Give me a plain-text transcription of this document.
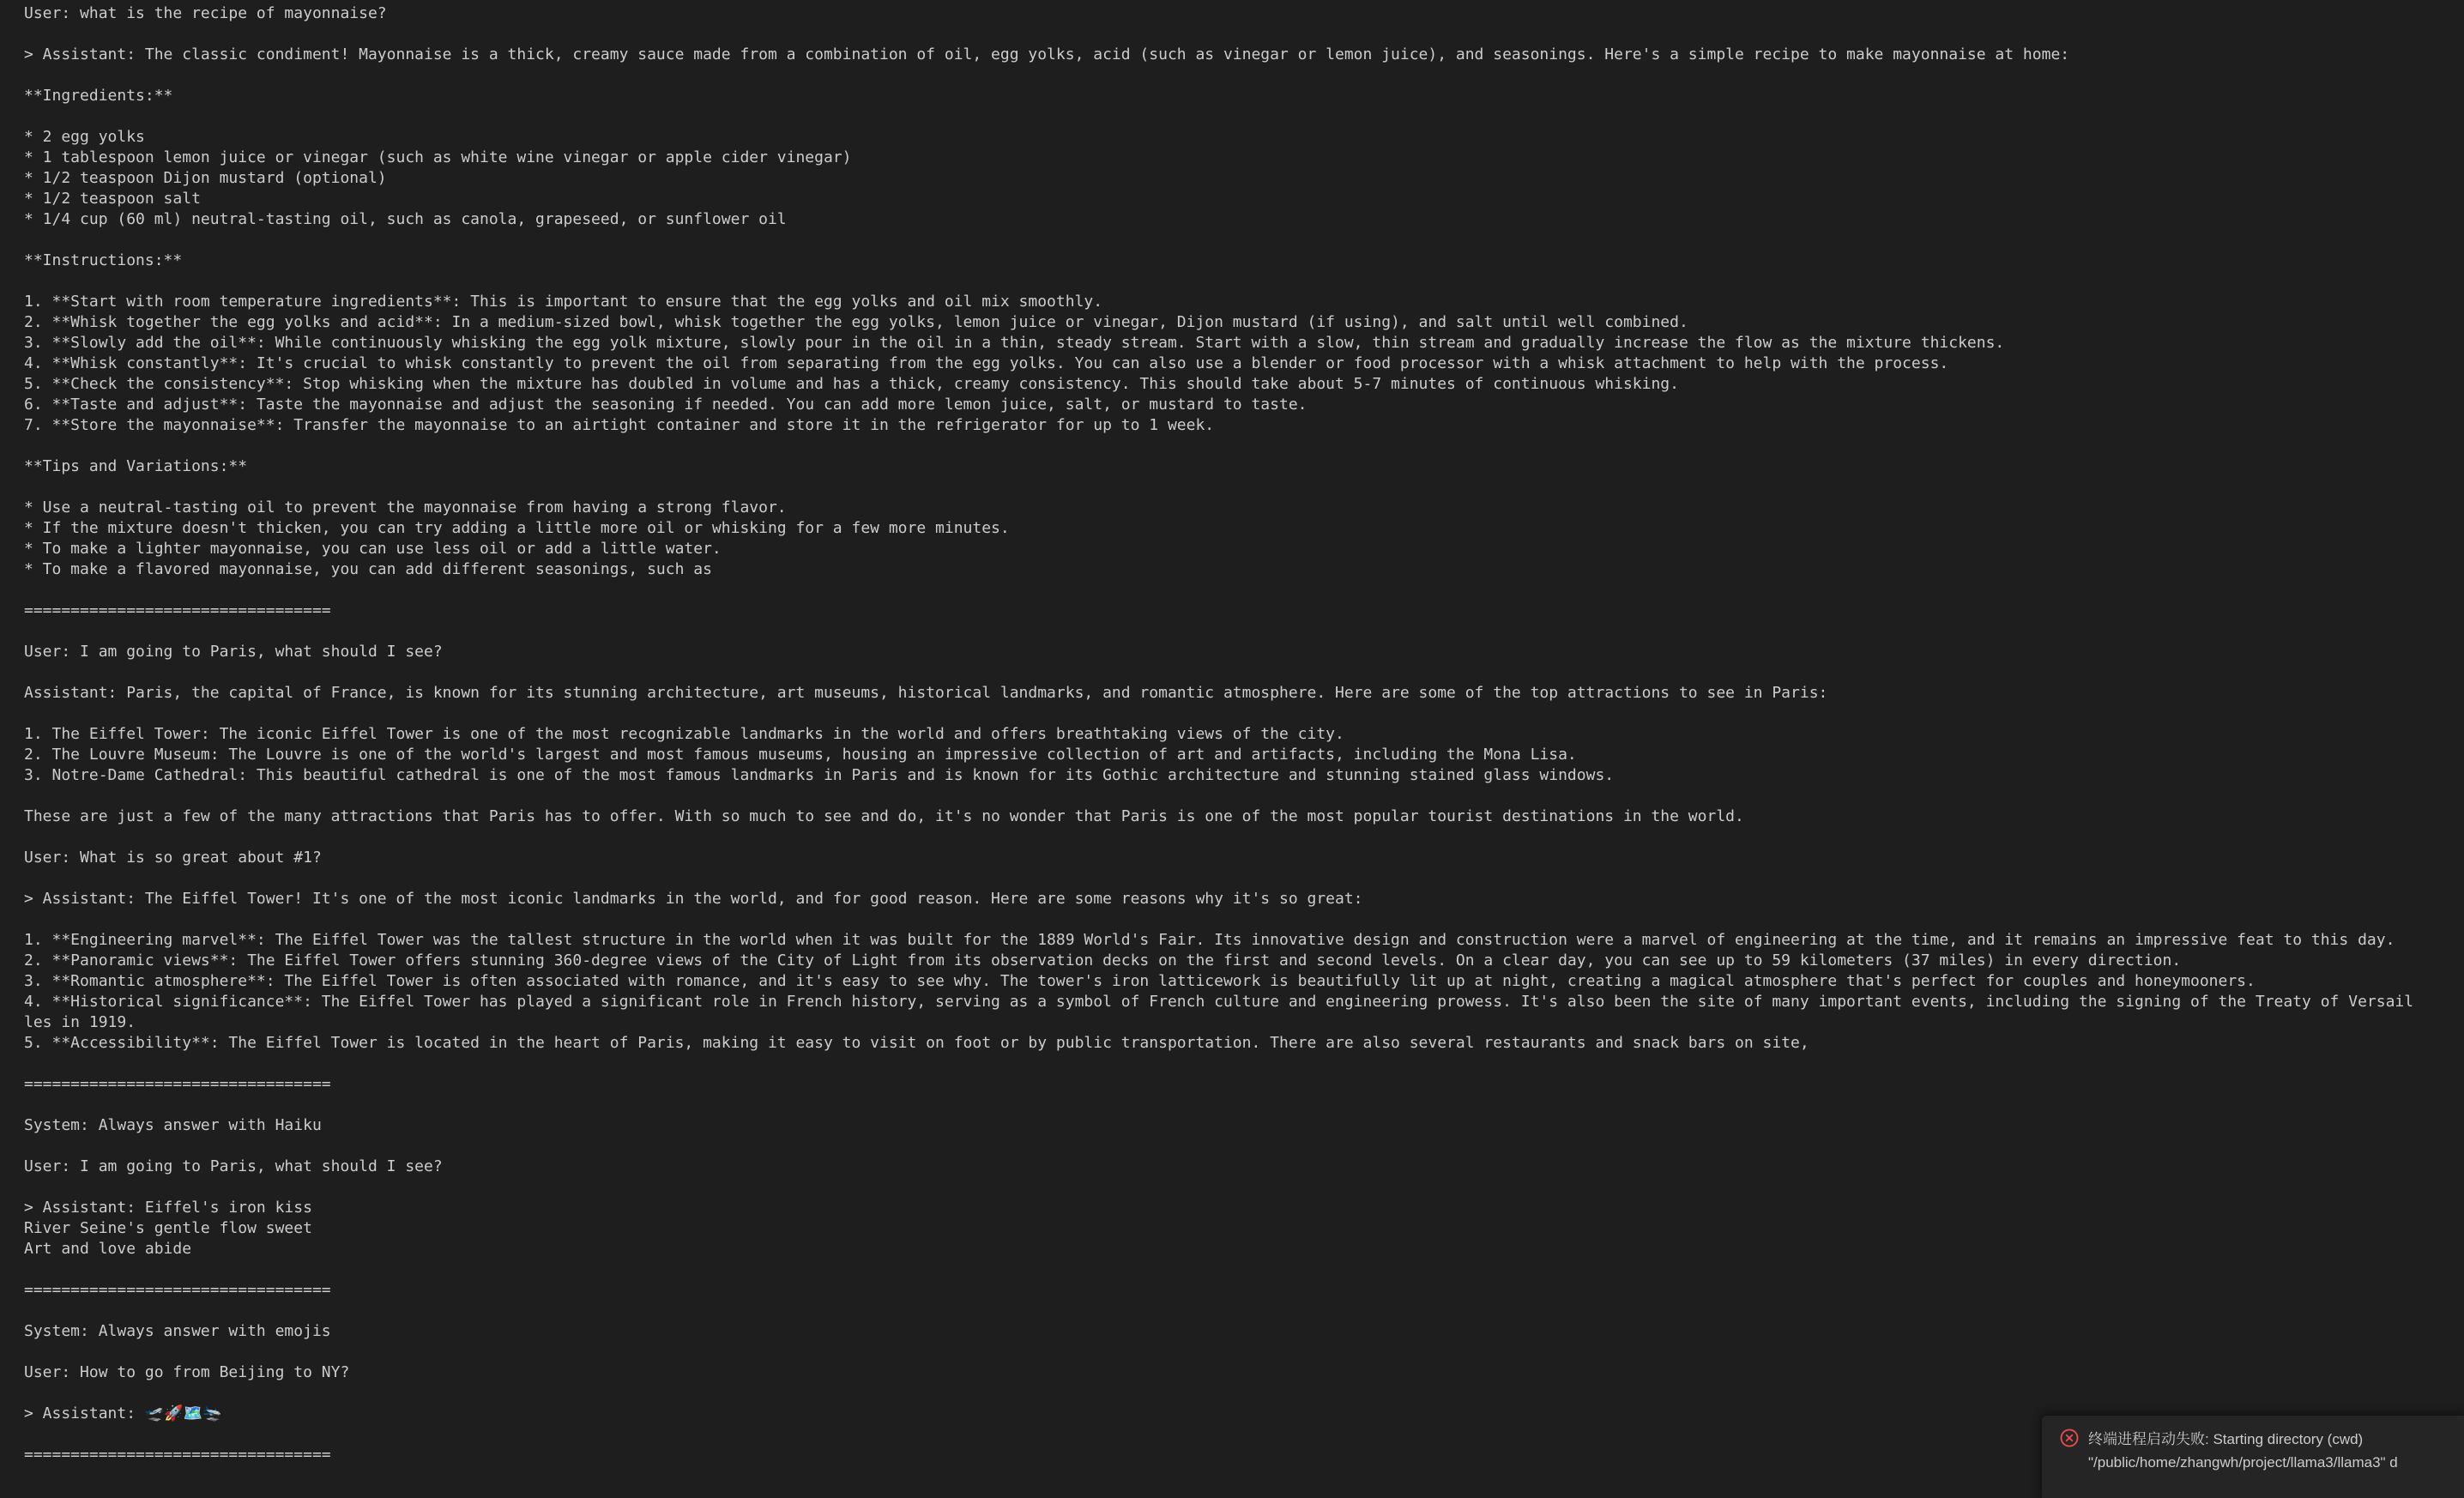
User: what is the recipe of mayonnaise?
> Assistant: The classic condiment! Mayonnaise is a thick, creamy sauce made from a combination of oil, egg yolks, acid (such as vinegar or lemon juice), and seasonings. Here's a simple recipe to make mayonnaise at home:
**Ingredients:**
* 2 egg yolks
* 1 tablespoon lemon juice or vinegar (such as white wine vinegar or apple cider vinegar)
* 1/2 teaspoon Dijon mustard (optional)
* 1/2 teaspoon salt
* 1/4 cup (60 ml) neutral-tasting oil, such as canola, grapeseed, or sunflower oil
**Instructions:**
1. **Start with room temperature ingredients**: This is important to ensure that the egg yolks and oil mix smoothly.
2. **Whisk together the egg yolks and acid**: In a medium-sized bowl, whisk together the egg yolks, lemon juice or vinegar, Dijon mustard (if using), and salt until well combined.
3. **Slowly add the oil**: While continuously whisking the egg yolk mixture, slowly pour in the oil in a thin, steady stream. Start with a slow, thin stream and gradually increase the flow as the mixture thickens.
4. **Whisk constantly**: It's crucial to whisk constantly to prevent the oil from separating from the egg yolks. You can also use a blender or food processor with a whisk attachment to help with the process.
5. **Check the consistency**: Stop whisking when the mixture has doubled in volume and has a thick, creamy consistency. This should take about 5-7 minutes of continuous whisking.
6. **Taste and adjust**: Taste the mayonnaise and adjust the seasoning if needed. You can add more lemon juice, salt, or mustard to taste.
7. **Store the mayonnaise**: Transfer the mayonnaise to an airtight container and store it in the refrigerator for up to 1 week.
**Tips and Variations:**
* Use a neutral-tasting oil to prevent the mayonnaise from having a strong flavor.
* If the mixture doesn't thicken, you can try adding a little more oil or whisking for a few more minutes.
* To make a lighter mayonnaise, you can use less oil or add a little water.
* To make a flavored mayonnaise, you can add different seasonings, such as
=================================
User: I am going to Paris, what should I see?
Assistant: Paris, the capital of France, is known for its stunning architecture, art museums, historical landmarks, and romantic atmosphere. Here are some of the top attractions to see in Paris:
1. The Eiffel Tower: The iconic Eiffel Tower is one of the most recognizable landmarks in the world and offers breathtaking views of the city.
2. The Louvre Museum: The Louvre is one of the world's largest and most famous museums, housing an impressive collection of art and artifacts, including the Mona Lisa.
3. Notre-Dame Cathedral: This beautiful cathedral is one of the most famous landmarks in Paris and is known for its Gothic architecture and stunning stained glass windows.
These are just a few of the many attractions that Paris has to offer. With so much to see and do, it's no wonder that Paris is one of the most popular tourist destinations in the world.
User: What is so great about #1?
> Assistant: The Eiffel Tower! It's one of the most iconic landmarks in the world, and for good reason. Here are some reasons why it's so great:
1. **Engineering marvel**: The Eiffel Tower was the tallest structure in the world when it was built for the 1889 World's Fair. Its innovative design and construction were a marvel of engineering at the time, and it remains an impressive feat to this day.
2. **Panoramic views**: The Eiffel Tower offers stunning 360-degree views of the City of Light from its observation decks on the first and second levels. On a clear day, you can see up to 59 kilometers (37 miles) in every direction.
3. **Romantic atmosphere**: The Eiffel Tower is often associated with romance, and it's easy to see why. The tower's iron latticework is beautifully lit up at night, creating a magical atmosphere that's perfect for couples and honeymooners.
4. **Historical significance**: The Eiffel Tower has played a significant role in French history, serving as a symbol of French culture and engineering prowess. It's also been the site of many important events, including the signing of the Treaty of Versail
les in 1919.
5. **Accessibility**: The Eiffel Tower is located in the heart of Paris, making it easy to visit on foot or by public transportation. There are also several restaurants and snack bars on site,
=================================
System: Always answer with Haiku
User: I am going to Paris, what should I see?
> Assistant: Eiffel's iron kiss
River Seine's gentle flow sweet
Art and love abide
=================================
System: Always answer with emojis
User: How to go from Beijing to NY?
> Assistant: 🛫🚀🗺️🛬
=================================
终端进程启动失败: Starting directory (cwd)
"/public/home/zhangwh/project/llama3/llama3" d
